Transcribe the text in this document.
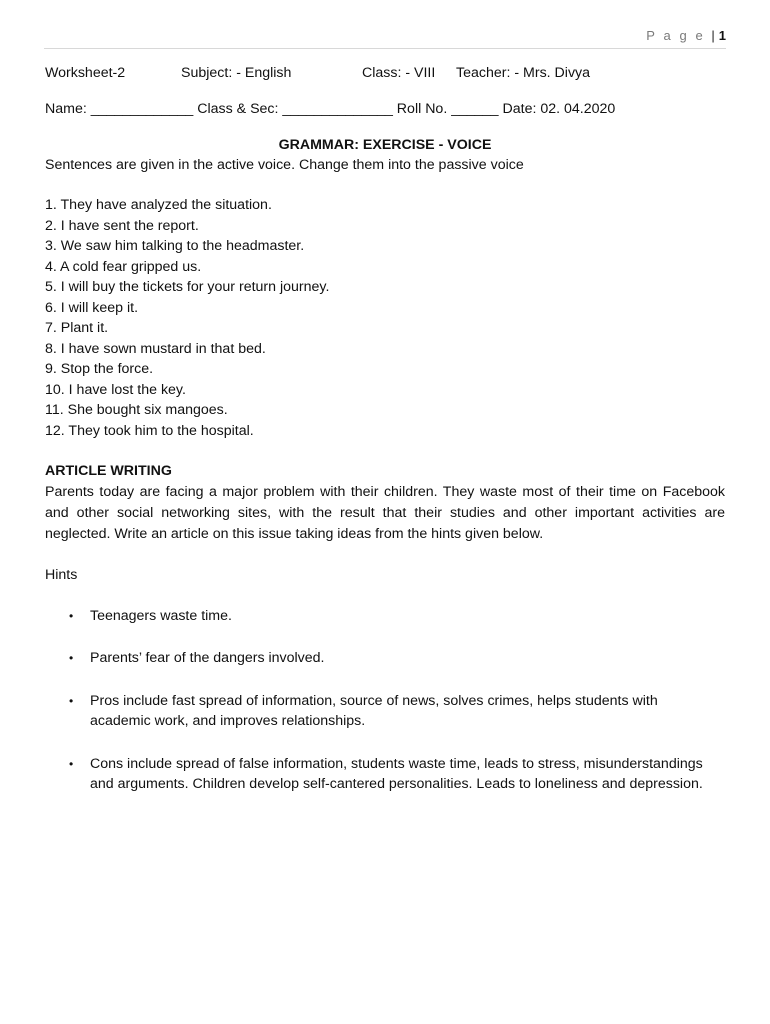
P a g e | 1
Worksheet-2	Subject: - English	Class: - VIII Teacher: - Mrs. Divya
Name: _____________ Class & Sec: ______________ Roll No. ______ Date: 02. 04.2020
GRAMMAR: EXERCISE - VOICE
Sentences are given in the active voice. Change them into the passive voice
1. They have analyzed the situation.
2. I have sent the report.
3. We saw him talking to the headmaster.
4. A cold fear gripped us.
5. I will buy the tickets for your return journey.
6. I will keep it.
7. Plant it.
8. I have sown mustard in that bed.
9. Stop the force.
10. I have lost the key.
11. She bought six mangoes.
12. They took him to the hospital.
ARTICLE WRITING
Parents today are facing a major problem with their children. They waste most of their time on Facebook and other social networking sites, with the result that their studies and other important activities are neglected. Write an article on this issue taking ideas from the hints given below.
Hints
• Teenagers waste time.
• Parents’ fear of the dangers involved.
• Pros include fast spread of information, source of news, solves crimes, helps students with academic work, and improves relationships.
• Cons include spread of false information, students waste time, leads to stress, misunderstandings and arguments. Children develop self-cantered personalities. Leads to loneliness and depression.
